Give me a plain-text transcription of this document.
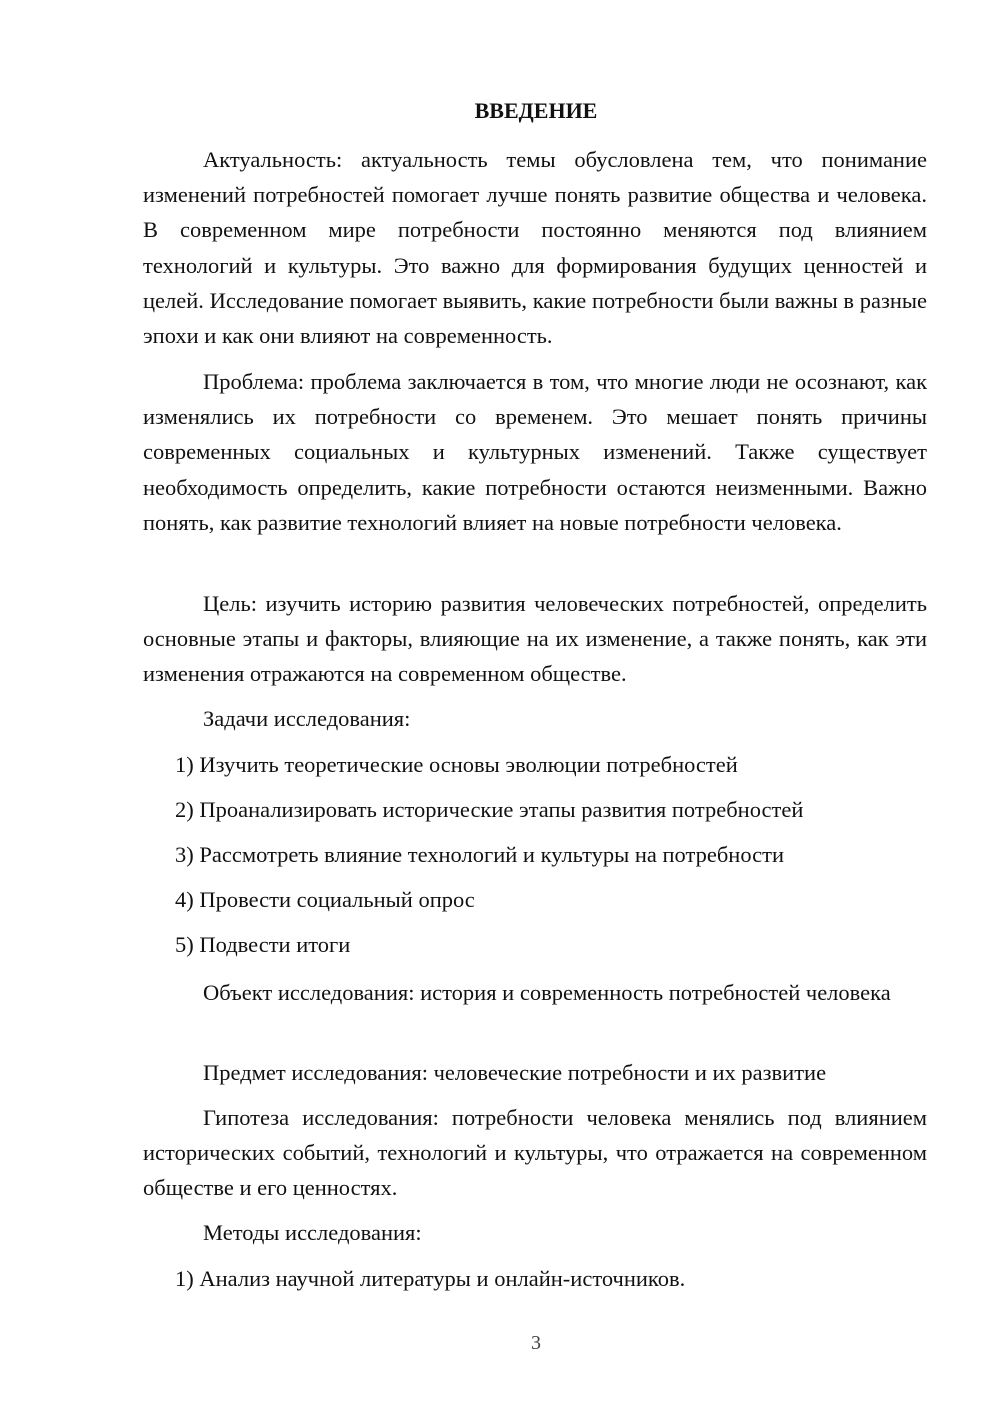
ВВЕДЕНИЕ

Актуальность: актуальность темы обусловлена тем, что понимание изменений потребностей помогает лучше понять развитие общества и человека. В современном мире потребности постоянно меняются под влиянием технологий и культуры. Это важно для формирования будущих ценностей и целей. Исследование помогает выявить, какие потребности были важны в разные эпохи и как они влияют на современность.

Проблема: проблема заключается в том, что многие люди не осознают, как изменялись их потребности со временем. Это мешает понять причины современных социальных и культурных изменений. Также существует необходимость определить, какие потребности остаются неизменными. Важно понять, как развитие технологий влияет на новые потребности человека.

Цель: изучить историю развития человеческих потребностей, определить основные этапы и факторы, влияющие на их изменение, а также понять, как эти изменения отражаются на современном обществе.

Задачи исследования:

1) Изучить теоретические основы эволюции потребностей

2) Проанализировать исторические этапы развития потребностей

3) Рассмотреть влияние технологий и культуры на потребности

4) Провести социальный опрос

5) Подвести итоги

Объект исследования: история и современность потребностей человека

Предмет исследования: человеческие потребности и их развитие

Гипотеза исследования: потребности человека менялись под влиянием исторических событий, технологий и культуры, что отражается на современном обществе и его ценностях.

Методы исследования:

1) Анализ научной литературы и онлайн-источников.

3
